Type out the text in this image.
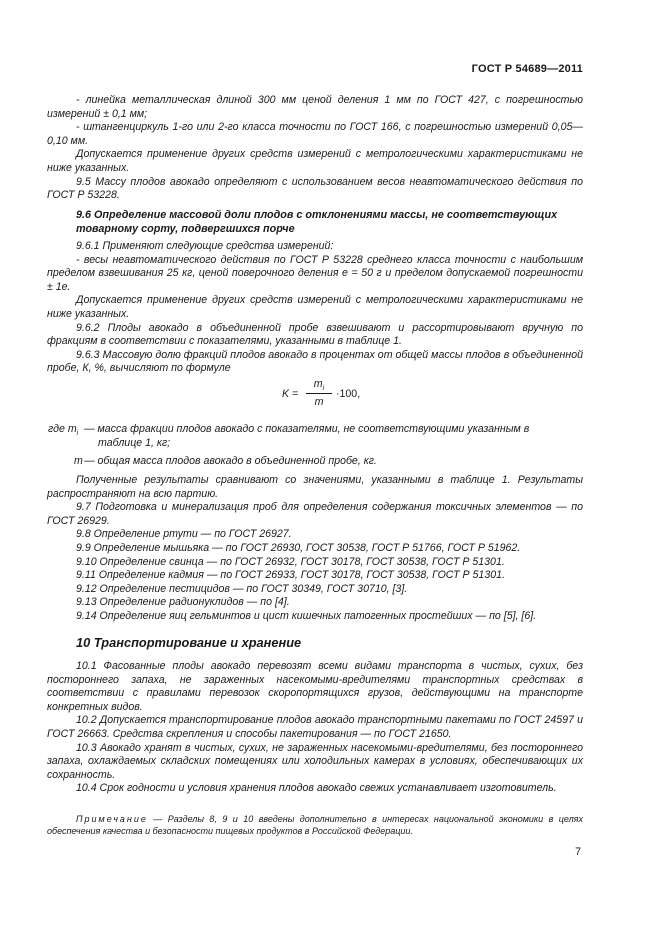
ГОСТ Р 54689—2011

- линейка металлическая длиной 300 мм ценой деления 1 мм по ГОСТ 427, с погрешностью измерений ± 0,1 мм;

- штангенциркуль 1-го или 2-го класса точности по ГОСТ 166, с погрешностью измерений 0,05—0,10 мм.

Допускается применение других средств измерений с метрологическими характеристиками не ниже указанных.

9.5 Массу плодов авокадо определяют с использованием весов неавтоматического действия по ГОСТ Р 53228.

9.6 Определение массовой доли плодов с отклонениями массы, не соответствующих товарному сорту, подвергшихся порче

9.6.1 Применяют следующие средства измерений:

- весы неавтоматического действия по ГОСТ Р 53228 среднего класса точности с наибольшим пределом взвешивания 25 кг, ценой поверочного деления е = 50 г и пределом допускаемой погрешности ± 1е.

Допускается применение других средств измерений с метрологическими характеристиками не ниже указанных.

9.6.2 Плоды авокадо в объединенной пробе взвешивают и рассортировывают вручную по фракциям в соответствии с показателями, указанными в таблице 1.

9.6.3 Массовую долю фракций плодов авокадо в процентах от общей массы плодов в объединенной пробе, К, %, вычисляют по формуле

K =
$m_i$
m
·100,
где $m_i$ — масса фракции плодов авокадо с показателями, не соответствующими указанным в
таблице 1, кг;
m — общая масса плодов авокадо в объединенной пробе, кг.

Полученные результаты сравнивают со значениями, указанными в таблице 1. Результаты распространяют на всю партию.

9.7 Подготовка и минерализация проб для определения содержания токсичных элементов — по ГОСТ 26929.

9.8 Определение ртути — по ГОСТ 26927.

9.9 Определение мышьяка — по ГОСТ 26930, ГОСТ 30538, ГОСТ Р 51766, ГОСТ Р 51962.

9.10 Определение свинца — по ГОСТ 26932, ГОСТ 30178, ГОСТ 30538, ГОСТ Р 51301.

9.11 Определение кадмия — по ГОСТ 26933, ГОСТ 30178, ГОСТ 30538, ГОСТ Р 51301.

9.12 Определение пестицидов — по ГОСТ 30349, ГОСТ 30710, [3].

9.13 Определение радионуклидов — по [4].

9.14 Определение яиц гельминтов и цист кишечных патогенных простейших — по [5], [6].

10 Транспортирование и хранение

10.1 Фасованные плоды авокадо перевозят всеми видами транспорта в чистых, сухих, без постороннего запаха, не зараженных насекомыми-вредителями транспортных средствах в соответствии с правилами перевозок скоропортящихся грузов, действующими на транспорте конкретных видов.

10.2 Допускается транспортирование плодов авокадо транспортными пакетами по ГОСТ 24597 и ГОСТ 26663. Средства скрепления и способы пакетирования — по ГОСТ 21650.

10.3 Авокадо хранят в чистых, сухих, не зараженных насекомыми-вредителями, без постороннего запаха, охлаждаемых складских помещениях или холодильных камерах в условиях, обеспечивающих их сохранность.

10.4 Срок годности и условия хранения плодов авокадо свежих устанавливает изготовитель.

Примечание — Разделы 8, 9 и 10 введены дополнительно в интересах национальной экономики в целях обеспечения качества и безопасности пищевых продуктов в Российской Федерации.
7
